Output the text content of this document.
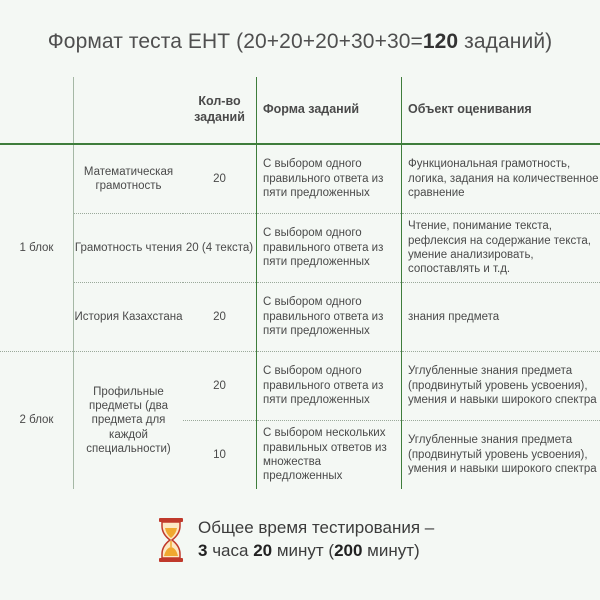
Формат теста ЕНТ (20+20+20+30+30=120 заданий)
		Кол-во заданий	Форма заданий	Объект оценивания
1 блок	Математическая грамотность	20	С выбором одного правильного ответа из пяти предложенных	Функциональная грамотность, логика, задания на количественное сравнение
	Грамотность чтения	20 (4 текста)	С выбором одного правильного ответа из пяти предложенных	Чтение, понимание текста, рефлексия на содержание текста, умение анализировать, сопоставлять и т.д.
	История Казахстана	20	С выбором одного правильного ответа из пяти предложенных	знания предмета
2 блок	Профильные предметы (два предмета для каждой специальности)	20	С выбором одного правильного ответа из пяти предложенных	Углубленные знания предмета (продвинутый уровень усвоения), умения и навыки широкого спектра
		10	С выбором нескольких правильных ответов из множества предложенных	Углубленные знания предмета (продвинутый уровень усвоения), умения и навыки широкого спектра
Общее время тестирования –
3 часа 20 минут (200 минут)
